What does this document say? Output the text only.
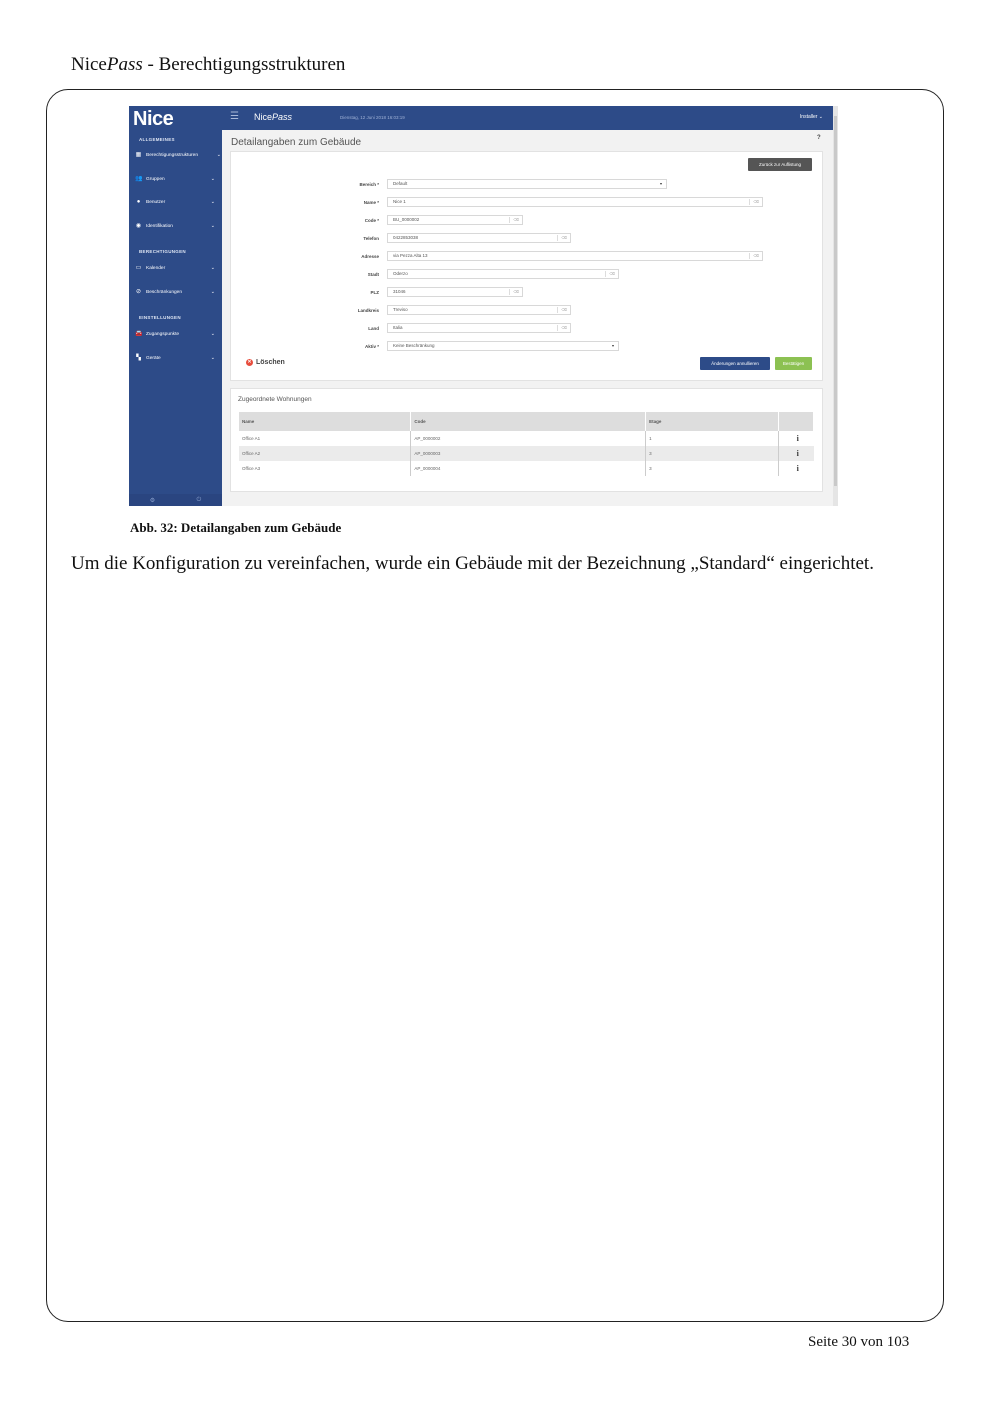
NicePass - Berechtigungsstrukturen
Nice
ALLGEMEINES
▦ Berechtigungsstrukturen	⌄
👥 Gruppen	⌄
●	Benutzer	⌄
◉ Identifikation	⌄
BERECHTIGUNGEN
▭ Kalender	⌄
⊘ Beschränkungen	⌄
EINSTELLUNGEN
🚘 Zugangspunkte	⌄
▚ Geräte	⌄
⚙	⏻
☰ NicePass	Dienstag, 12 Juni 2018 16:03:19	Installer ⌄
Detailangaben zum Gebäude	?
Zurück zur Auflistung
Bereich *	Default	▾
Name *	Nice 1	⌫
Code *	BU_0000002	⌫
Telefon	0422853038	⌫
Adresse	via Pezza Alta 13	⌫
Stadt	Oderzo	⌫
PLZ	31046	⌫
Landkreis	Treviso	⌫
Land	Italia	⌫
Aktiv *	Keine Beschränkung	▾
✕ Löschen	Änderungen annullieren	Bestätigen
Zugeordnete Wohnungen
Name	Code	Etage	
Office A1	AP_0000002	1	i
Office A2	AP_0000003	3	i
Office A3	AP_0000004	3	i
Abb. 32: Detailangaben zum Gebäude
Um die Konfiguration zu vereinfachen, wurde ein Gebäude mit der Bezeichnung „Standard“ eingerichtet.
Seite 30 von 103
